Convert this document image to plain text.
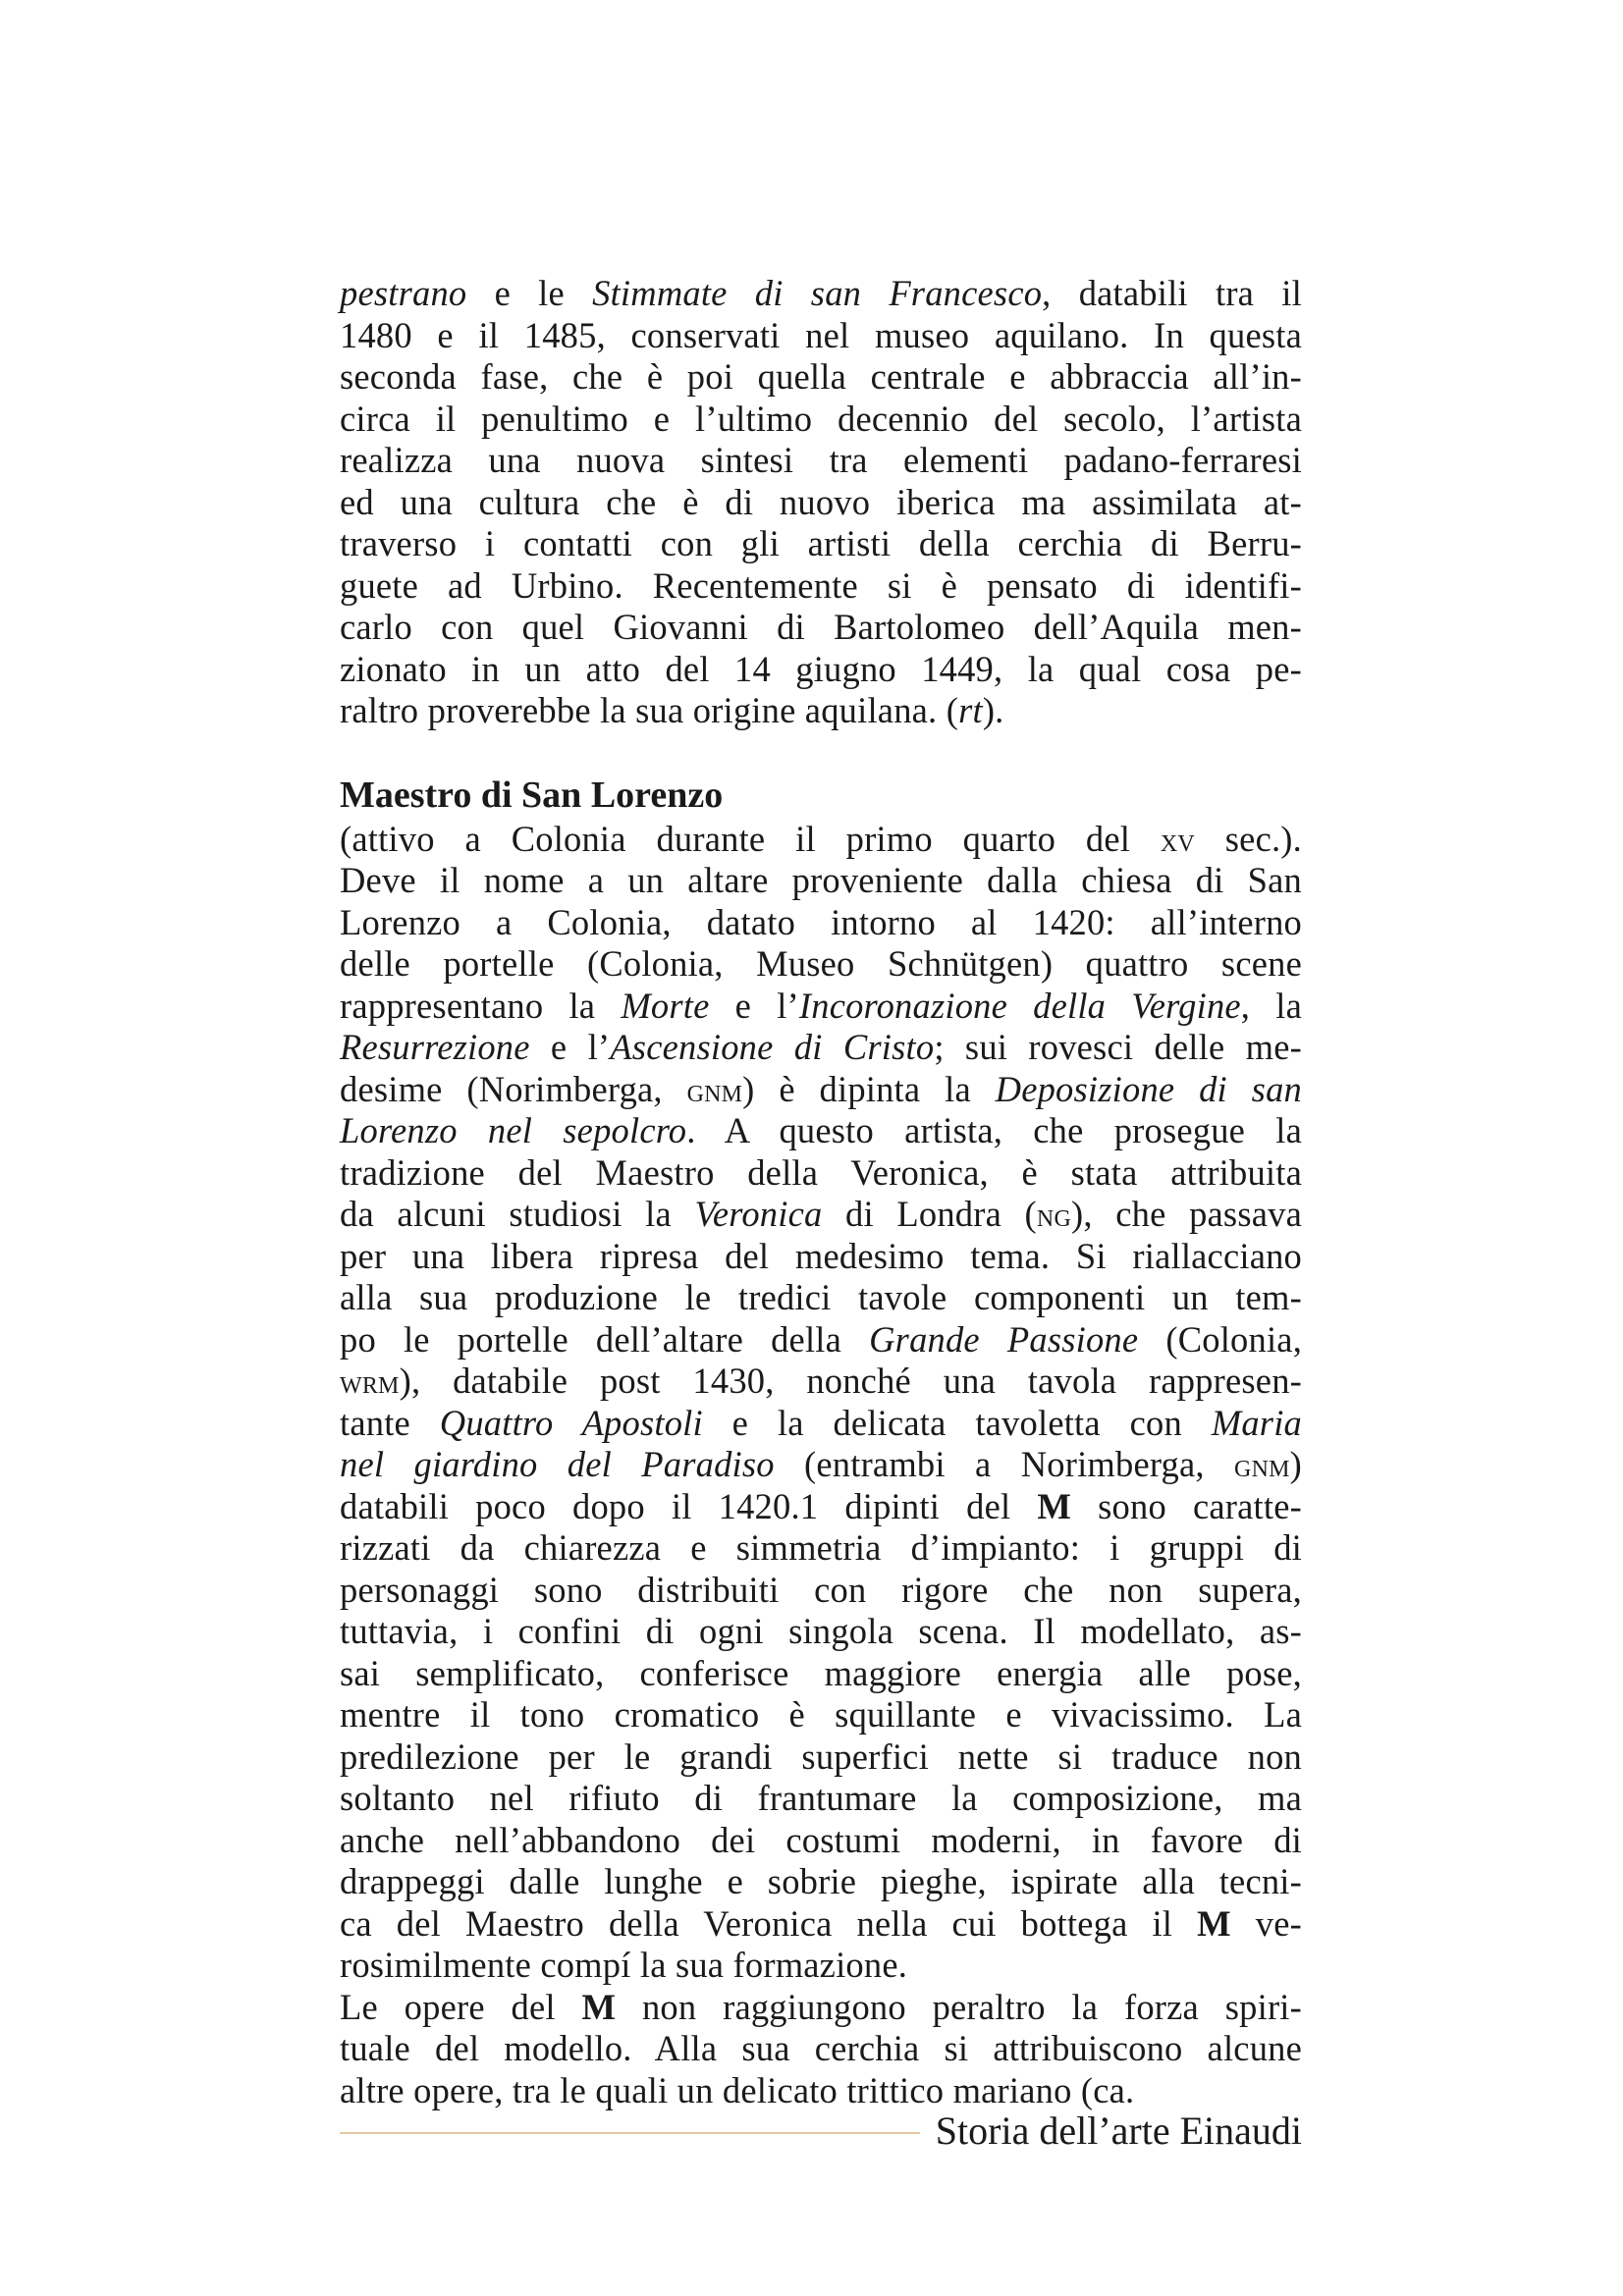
pestrano e le Stimmate di san Francesco, databili tra il
1480 e il 1485, conservati nel museo aquilano. In questa
seconda fase, che è poi quella centrale e abbraccia all’in-
circa il penultimo e l’ultimo decennio del secolo, l’artista
realizza una nuova sintesi tra elementi padano-ferraresi
ed una cultura che è di nuovo iberica ma assimilata at-
traverso i contatti con gli artisti della cerchia di Berru-
guete ad Urbino. Recentemente si è pensato di identifi-
carlo con quel Giovanni di Bartolomeo dell’Aquila men-
zionato in un atto del 14 giugno 1449, la qual cosa pe-
raltro proverebbe la sua origine aquilana. (rt).
Maestro di San Lorenzo
(attivo a Colonia durante il primo quarto del xv sec.).
Deve il nome a un altare proveniente dalla chiesa di San
Lorenzo a Colonia, datato intorno al 1420: all’interno
delle portelle (Colonia, Museo Schnütgen) quattro scene
rappresentano la Morte e l’Incoronazione della Vergine, la
Resurrezione e l’Ascensione di Cristo; sui rovesci delle me-
desime (Norimberga, gnm) è dipinta la Deposizione di san
Lorenzo nel sepolcro. A questo artista, che prosegue la
tradizione del Maestro della Veronica, è stata attribuita
da alcuni studiosi la Veronica di Londra (ng), che passava
per una libera ripresa del medesimo tema. Si riallacciano
alla sua produzione le tredici tavole componenti un tem-
po le portelle dell’altare della Grande Passione (Colonia,
wrm), databile post 1430, nonché una tavola rappresen-
tante Quattro Apostoli e la delicata tavoletta con Maria
nel giardino del Paradiso (entrambi a Norimberga, gnm)
databili poco dopo il 1420.1 dipinti del M sono caratte-
rizzati da chiarezza e simmetria d’impianto: i gruppi di
personaggi sono distribuiti con rigore che non supera,
tuttavia, i confini di ogni singola scena. Il modellato, as-
sai semplificato, conferisce maggiore energia alle pose,
mentre il tono cromatico è squillante e vivacissimo. La
predilezione per le grandi superfici nette si traduce non
soltanto nel rifiuto di frantumare la composizione, ma
anche nell’abbandono dei costumi moderni, in favore di
drappeggi dalle lunghe e sobrie pieghe, ispirate alla tecni-
ca del Maestro della Veronica nella cui bottega il M ve-
rosimilmente compí la sua formazione.
Le opere del M non raggiungono peraltro la forza spiri-
tuale del modello. Alla sua cerchia si attribuiscono alcune
altre opere, tra le quali un delicato trittico mariano (ca.
Storia dell’arte Einaudi
